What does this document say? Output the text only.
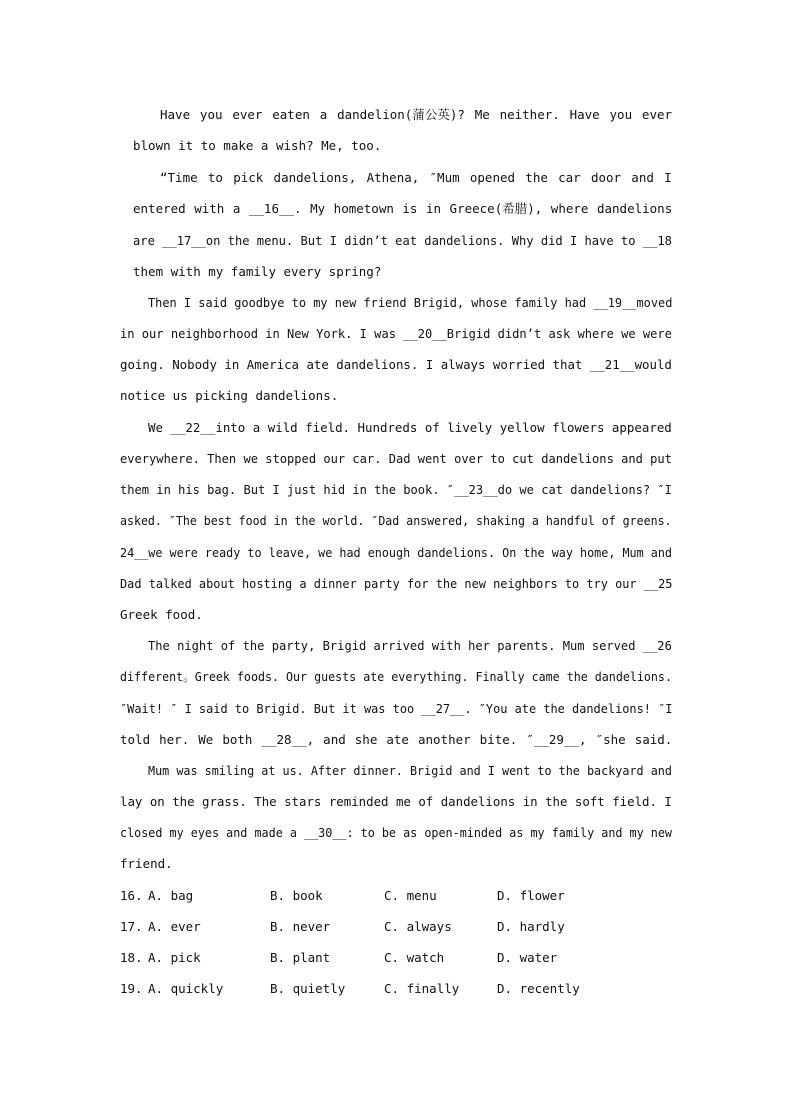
Have you ever eaten a dandelion(蒲公英)? Me neither. Have you ever
blown it to make a wish? Me, too.
“Time to pick dandelions, Athena, ″Mum opened the car door and I
entered with a __16__. My hometown is in Greece(希腊), where dandelions
are __17__on the menu. But I didn’t eat dandelions. Why did I have to __18
them with my family every spring?
Then I said goodbye to my new friend Brigid, whose family had __19__moved
in our neighborhood in New York. I was __20__Brigid didn’t ask where we were
going. Nobody in America ate dandelions. I always worried that __21__would
notice us picking dandelions.
We __22__into a wild field. Hundreds of lively yellow flowers appeared
everywhere. Then we stopped our car. Dad went over to cut dandelions and put
them in his bag. But I just hid in the book. ″__23__do we cat dandelions? ″I
asked. ″The best food in the world. ″Dad answered, shaking a handful of greens.
24__we were ready to leave, we had enough dandelions. On the way home, Mum and
Dad talked about hosting a dinner party for the new neighbors to try our __25
Greek food.
The night of the party, Brigid arrived with her parents. Mum served __26
different。Greek foods. Our guests ate everything. Finally came the dandelions.
″Wait! ″ I said to Brigid. But it was too __27__. ″You ate the dandelions! ″I
told her. We both __28__, and she ate another bite. ″__29__, ″she said.
Mum was smiling at us. After dinner. Brigid and I went to the backyard and
lay on the grass. The stars reminded me of dandelions in the soft field. I
closed my eyes and made a __30__: to be as open-minded as my family and my new
friend.
16. A. bag	B. book	C. menu	D. flower
17. A. ever	B. never	C. always	D. hardly
18. A. pick	B. plant	C. watch	D. water
19. A. quickly	B. quietly	C. finally	D. recently
